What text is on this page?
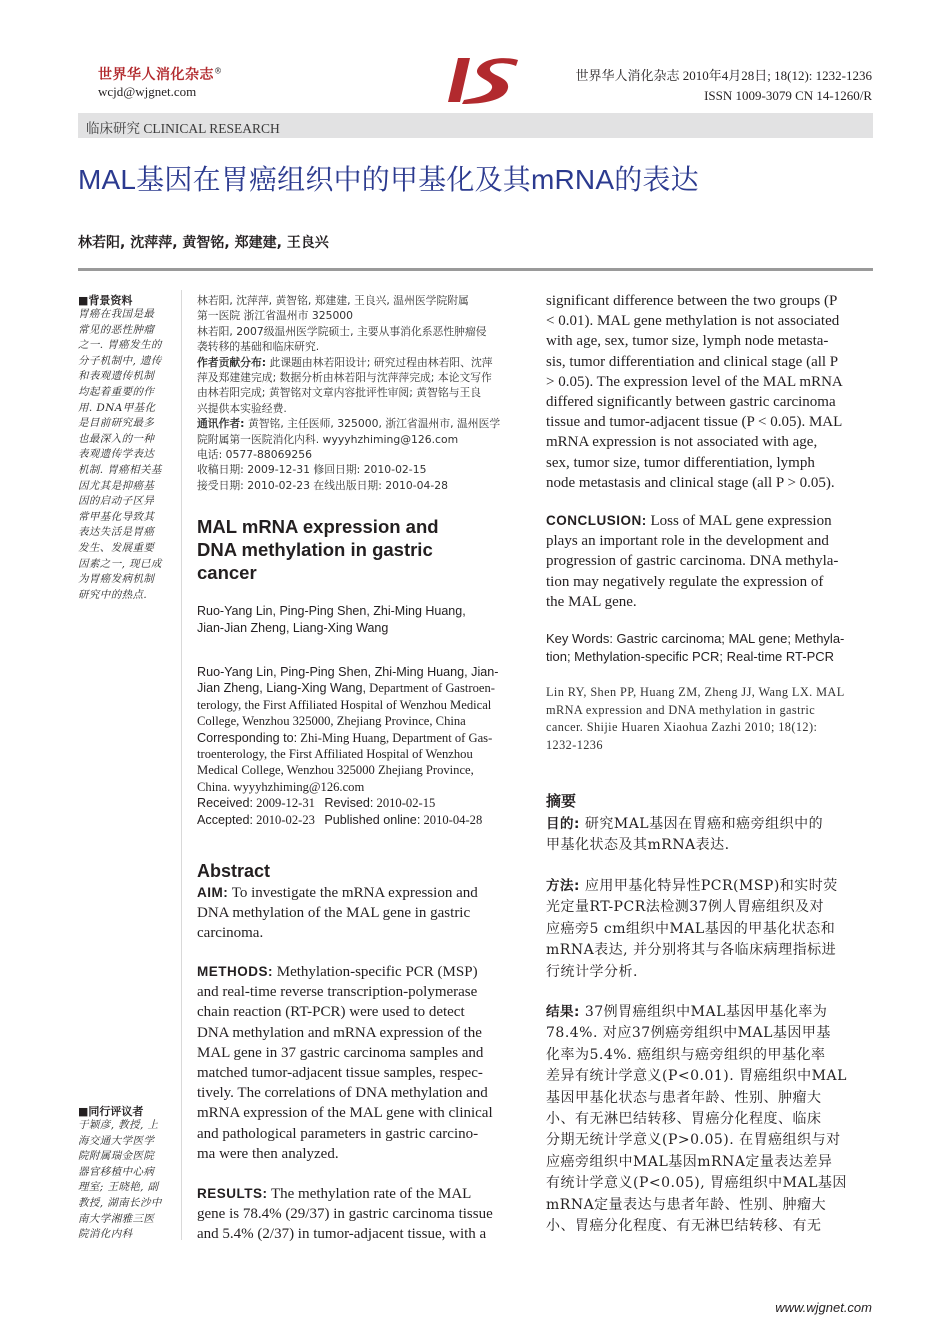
世界华人消化杂志®
wcjd@wjgnet.com
世界华人消化杂志 2010年4月28日; 18(12): 1232-1236
ISSN 1009-3079 CN 14-1260/R
临床研究 CLINICAL RESEARCH
MAL基因在胃癌组织中的甲基化及其mRNA的表达
林若阳, 沈萍萍, 黄智铭, 郑建建, 王良兴
■背景资料
胃癌在我国是最
常见的恶性肿瘤
之一. 胃癌发生的
分子机制中, 遗传
和表观遗传机制
均起着重要的作
用. DNA甲基化
是目前研究最多
也最深入的一种
表观遗传学表达
机制. 胃癌相关基
因尤其是抑癌基
因的启动子区异
常甲基化导致其
表达失活是胃癌
发生、发展重要
因素之一, 现已成
为胃癌发病机制
研究中的热点.
■同行评议者
于颖彦, 教授, 上
海交通大学医学
院附属瑞金医院
器官移植中心病
理室; 王晓艳, 副
教授, 湖南长沙中
南大学湘雅三医
院消化内科
林若阳, 沈萍萍, 黄智铭, 郑建建, 王良兴, 温州医学院附属
第一医院 浙江省温州市 325000
林若阳, 2007级温州医学院硕士, 主要从事消化系恶性肿瘤侵
袭转移的基础和临床研究.
作者贡献分布: 此课题由林若阳设计; 研究过程由林若阳、沈萍
萍及郑建建完成; 数据分析由林若阳与沈萍萍完成; 本论文写作
由林若阳完成; 黄智铭对文章内容批评性审阅; 黄智铭与王良
兴提供本实验经费.
通讯作者: 黄智铭, 主任医师, 325000, 浙江省温州市, 温州医学
院附属第一医院消化内科. wyyyhzhiming@126.com
电话: 0577-88069256
收稿日期: 2009-12-31 修回日期: 2010-02-15
接受日期: 2010-02-23 在线出版日期: 2010-04-28
MAL mRNA expression and
DNA methylation in gastric
cancer
Ruo-Yang Lin, Ping-Ping Shen, Zhi-Ming Huang,
Jian-Jian Zheng, Liang-Xing Wang
Ruo-Yang Lin, Ping-Ping Shen, Zhi-Ming Huang, Jian-
Jian Zheng, Liang-Xing Wang, Department of Gastroen-
terology, the First Affiliated Hospital of Wenzhou Medical
College, Wenzhou 325000, Zhejiang Province, China
Corresponding to: Zhi-Ming Huang, Department of Gas-
troenterology, the First Affiliated Hospital of Wenzhou
Medical College, Wenzhou 325000 Zhejiang Province,
China. wyyyhzhiming@126.com
Received: 2009-12-31 Revised: 2010-02-15
Accepted: 2010-02-23 Published online: 2010-04-28
Abstract
AIM: To investigate the mRNA expression and
DNA methylation of the MAL gene in gastric
carcinoma.
METHODS: Methylation-specific PCR (MSP)
and real-time reverse transcription-polymerase
chain reaction (RT-PCR) were used to detect
DNA methylation and mRNA expression of the
MAL gene in 37 gastric carcinoma samples and
matched tumor-adjacent tissue samples, respec-
tively. The correlations of DNA methylation and
mRNA expression of the MAL gene with clinical
and pathological parameters in gastric carcino-
ma were then analyzed.
RESULTS: The methylation rate of the MAL
gene is 78.4% (29/37) in gastric carcinoma tissue
and 5.4% (2/37) in tumor-adjacent tissue, with a
significant difference between the two groups (P
< 0.01). MAL gene methylation is not associated
with age, sex, tumor size, lymph node metasta-
sis, tumor differentiation and clinical stage (all P
> 0.05). The expression level of the MAL mRNA
differed significantly between gastric carcinoma
tissue and tumor-adjacent tissue (P < 0.05). MAL
mRNA expression is not associated with age,
sex, tumor size, tumor differentiation, lymph
node metastasis and clinical stage (all P > 0.05).
CONCLUSION: Loss of MAL gene expression
plays an important role in the development and
progression of gastric carcinoma. DNA methyla-
tion may negatively regulate the expression of
the MAL gene.
Key Words: Gastric carcinoma; MAL gene; Methyla-
tion; Methylation-specific PCR; Real-time RT-PCR
Lin RY, Shen PP, Huang ZM, Zheng JJ, Wang LX. MAL
mRNA expression and DNA methylation in gastric
cancer. Shijie Huaren Xiaohua Zazhi 2010; 18(12):
1232-1236
摘要
目的: 研究MAL基因在胃癌和癌旁组织中的
甲基化状态及其mRNA表达.
方法: 应用甲基化特异性PCR(MSP)和实时荧
光定量RT-PCR法检测37例人胃癌组织及对
应癌旁5 cm组织中MAL基因的甲基化状态和
mRNA表达, 并分别将其与各临床病理指标进
行统计学分析.
结果: 37例胃癌组织中MAL基因甲基化率为
78.4%. 对应37例癌旁组织中MAL基因甲基
化率为5.4%. 癌组织与癌旁组织的甲基化率
差异有统计学意义(P<0.01). 胃癌组织中MAL
基因甲基化状态与患者年龄、性别、肿瘤大
小、有无淋巴结转移、胃癌分化程度、临床
分期无统计学意义(P>0.05). 在胃癌组织与对
应癌旁组织中MAL基因mRNA定量表达差异
有统计学意义(P<0.05), 胃癌组织中MAL基因
mRNA定量表达与患者年龄、性别、肿瘤大
小、胃癌分化程度、有无淋巴结转移、有无
www.wjgnet.com
